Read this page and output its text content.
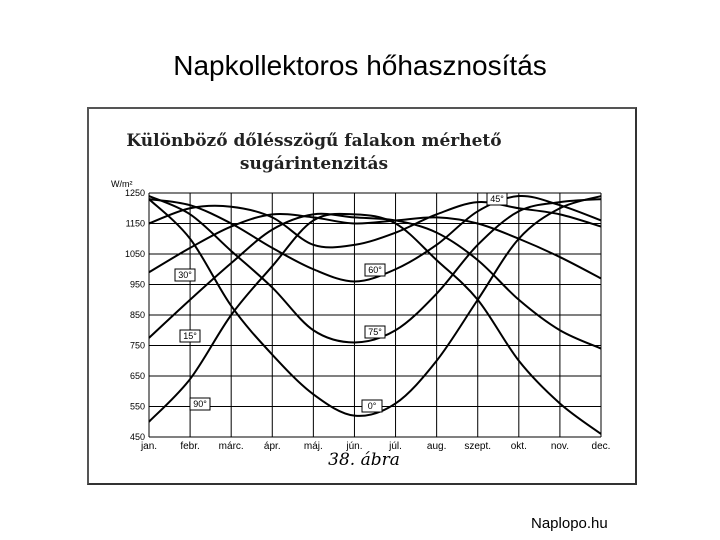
Napkollektoros hőhasznosítás
Különböző dőlésszögű falakon mérhető
sugárintenzitás
W/m²
450
550
650
750
850
950
1050
1150
1250
jan. febr. márc. ápr. máj. jún.	júl. aug. szept. okt. nov. dec.
90°
15°
30°	60°
75°
0°
45°
38. ábra
Naplopo.hu
